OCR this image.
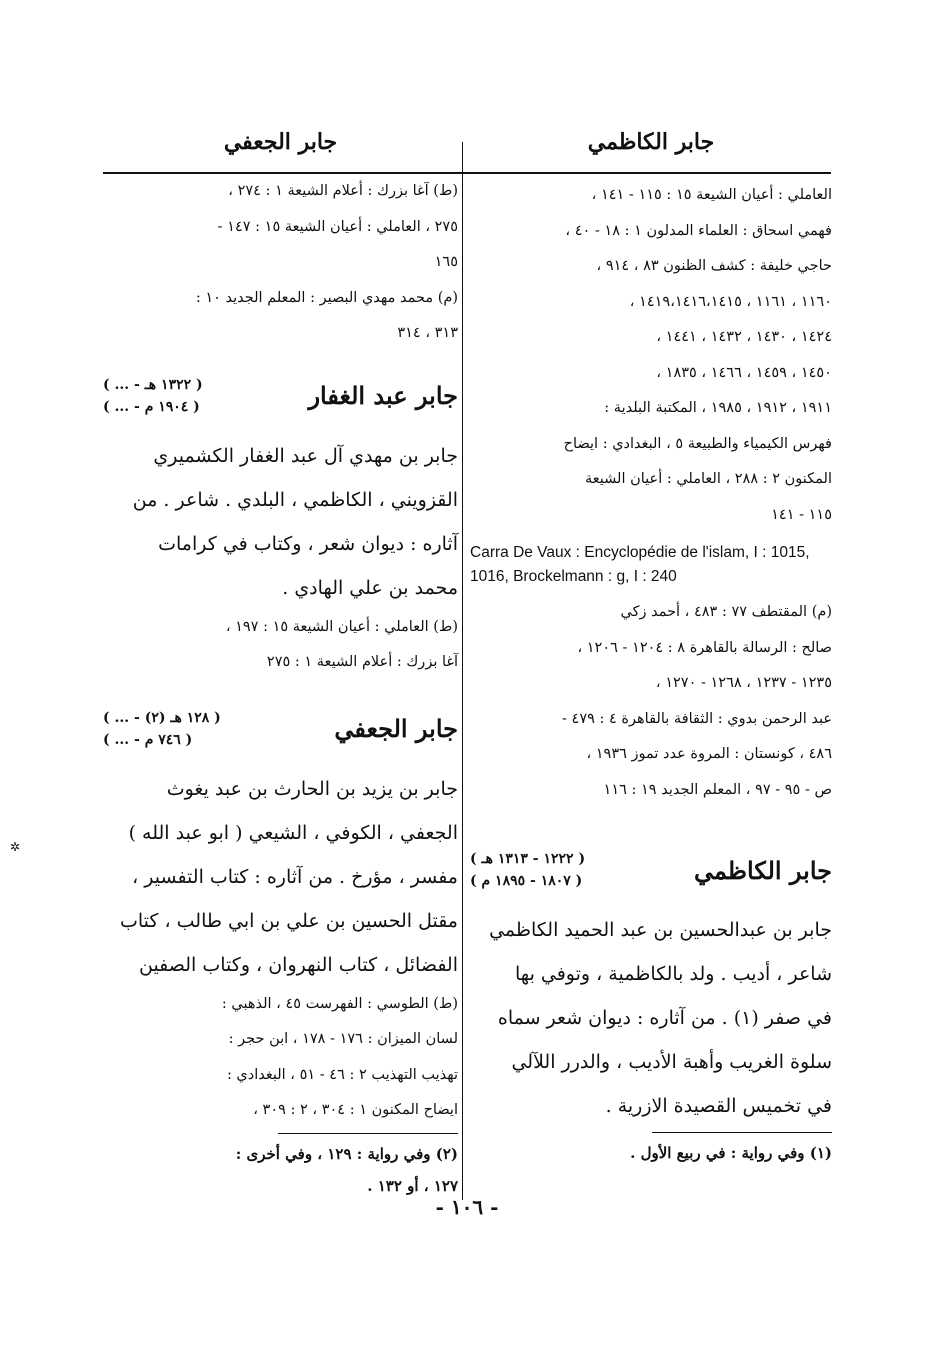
جابر الكاظمي
العاملي : أعيان الشيعة ١٥ : ١١٥ - ١٤١ ،
فهمي اسحاق : العلماء المدلون ١ : ١٨ - ٤٠ ،
حاجي خليفة : كشف الظنون ٨٣ ، ٩١٤ ،
١١٦٠ ، ١١٦١ ، ١٤١٩،١٤١٦،١٤١٥ ،
١٤٢٤ ، ١٤٣٠ ، ١٤٣٢ ، ١٤٤١ ،
١٤٥٠ ، ١٤٥٩ ، ١٤٦٦ ، ١٨٣٥ ،
١٩١١ ، ١٩١٢ ، ١٩٨٥ ، المكتبة البلدية :
فهرس الكيمياء والطبيعة ٥ ، البغدادي : ايضاح
المكنون ٢ : ٢٨٨ ، العاملي : أعيان الشيعة
١١٥ - ١٤١
Carra De Vaux : Encyclopédie de l'islam, I : 1015, 1016, Brockelmann : g, I : 240
(م) المقتطف ٧٧ : ٤٨٣ ، أحمد زكي
صالح : الرسالة بالقاهرة ٨ : ١٢٠٤ - ١٢٠٦ ،
١٢٣٥ - ١٢٣٧ ، ١٢٦٨ - ١٢٧٠ ،
عبد الرحمن بدوي : الثقافة بالقاهرة ٤ : ٤٧٩ -
٤٨٦ ، كونستان : المروة عدد تموز ١٩٣٦ ،
ص - ٩٥ - ٩٧ ، المعلم الجديد ١٩ : ١١٦
جابر الكاظمي
( ١٢٢٢ - ١٣١٣ هـ )
( ١٨٠٧ - ١٨٩٥ م )
جابر بن عبدالحسين بن عبد الحميد الكاظمي
شاعر ، أديب . ولد بالكاظمية ، وتوفي بها
في صفر (١) . من آثاره : ديوان شعر سماه
سلوة الغريب وأهبة الأديب ، والدرر اللآلي
في تخميس القصيدة الازرية .
(١) وفي رواية : في ربيع الأول .
جابر الجعفي
(ط) آغا بزرك : أعلام الشيعة ١ : ٢٧٤ ،
٢٧٥ ، العاملي : أعيان الشيعة ١٥ : ١٤٧ -
١٦٥
(م) محمد مهدي البصير : المعلم الجديد ١٠ :
٣١٣ ، ٣١٤
جابر عبد الغفار
( ... - ١٣٢٢ هـ )
( ... - ١٩٠٤ م )
جابر بن مهدي آل عبد الغفار الكشميري
القزويني ، الكاظمي ، البلدي . شاعر . من
آثاره : ديوان شعر ، وكتاب في كرامات
محمد بن علي الهادي .
(ط) العاملي : أعيان الشيعة ١٥ : ١٩٧ ،
آغا بزرك : أعلام الشيعة ١ : ٢٧٥
جابر الجعفي
( ... - ١٢٨ هـ (٢) )
( ... - ٧٤٦ م )
جابر بن يزيد بن الحارث بن عبد يغوث
الجعفي ، الكوفي ، الشيعي ( ابو عبد الله )
مفسر ، مؤرخ . من آثاره : كتاب التفسير ،
مقتل الحسين بن علي بن ابي طالب ، كتاب
الفضائل ، كتاب النهروان ، وكتاب الصفين
(ط) الطوسي : الفهرست ٤٥ ، الذهبي :
لسان الميزان : ١٧٦ - ١٧٨ ، ابن حجر :
تهذيب التهذيب ٢ : ٤٦ - ٥١ ، البغدادي :
ايضاح المكنون ١ : ٣٠٤ ، ٢ : ٣٠٩ ،
(٢) وفي رواية : ١٢٩ ، وفي أخرى :
١٢٧ ، أو ١٣٢ .
- ١٠٦ -
✲
